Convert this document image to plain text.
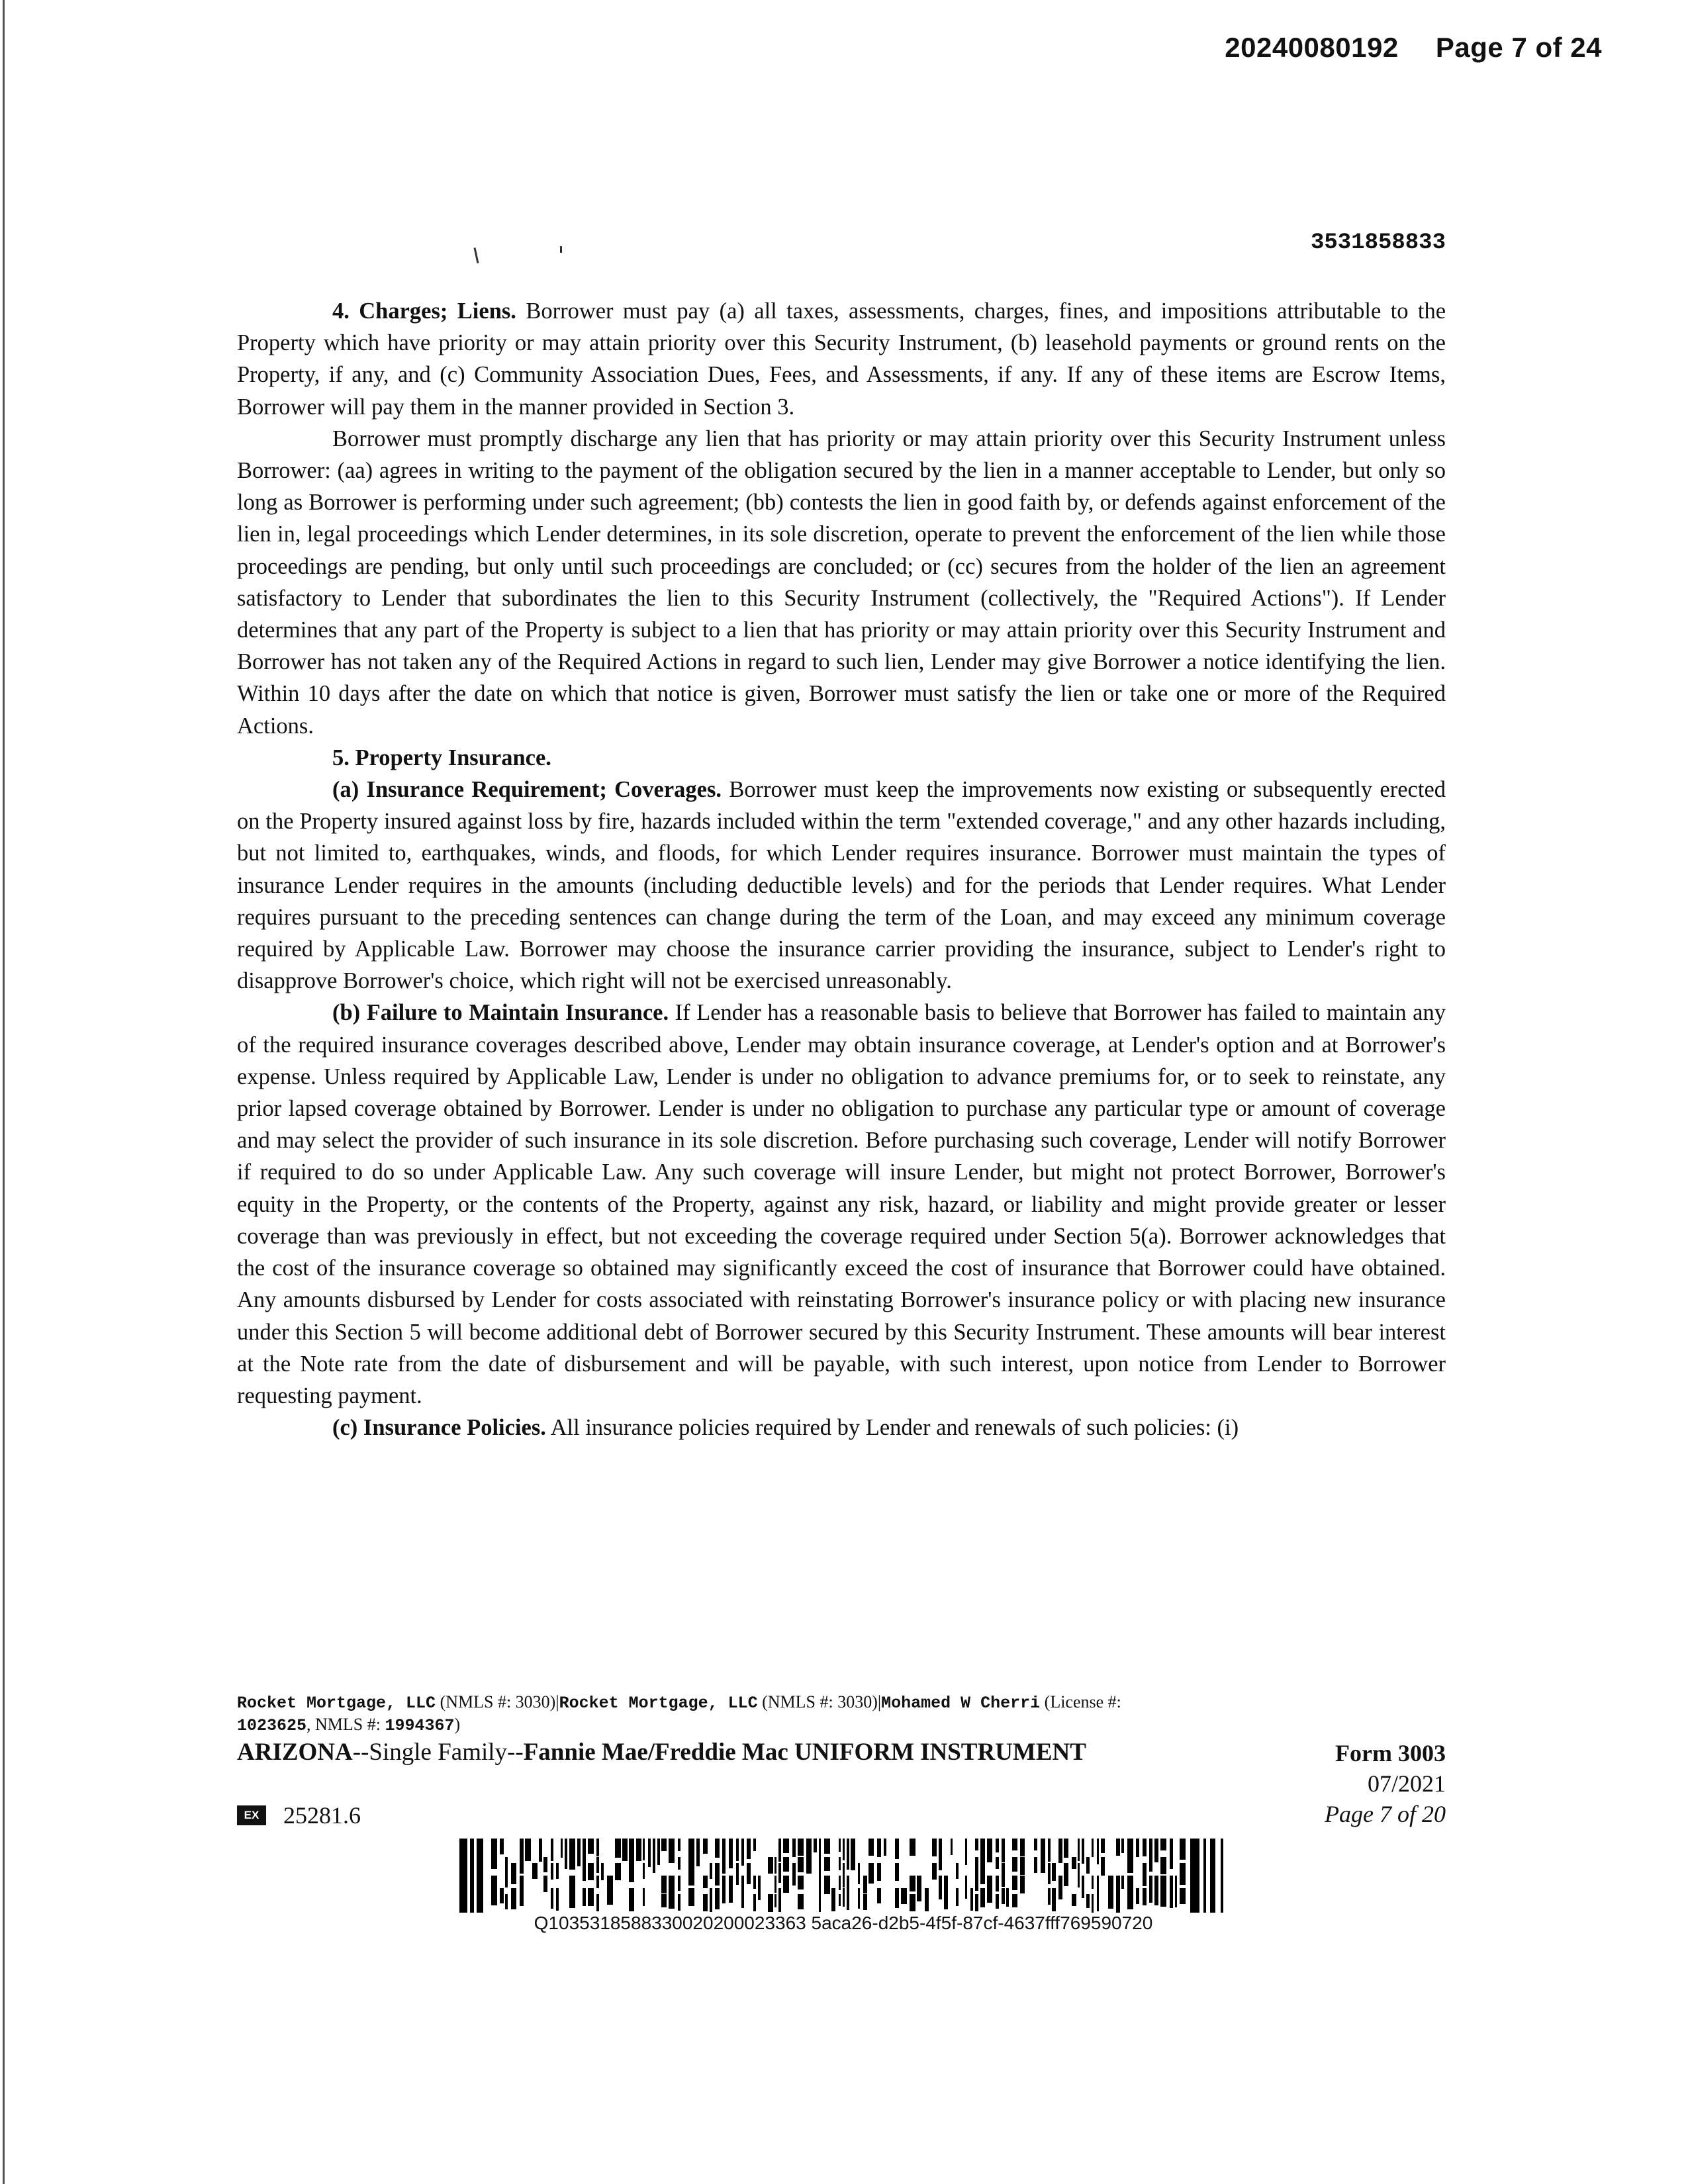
20240080192 Page 7 of 24
3531858833

4. Charges; Liens. Borrower must pay (a) all taxes, assessments, charges, fines, and impositions attributable to the Property which have priority or may attain priority over this Security Instrument, (b) leasehold payments or ground rents on the Property, if any, and (c) Community Association Dues, Fees, and Assessments, if any. If any of these items are Escrow Items, Borrower will pay them in the manner provided in Section 3.

Borrower must promptly discharge any lien that has priority or may attain priority over this Security Instrument unless Borrower: (aa) agrees in writing to the payment of the obligation secured by the lien in a manner acceptable to Lender, but only so long as Borrower is performing under such agreement; (bb) contests the lien in good faith by, or defends against enforcement of the lien in, legal proceedings which Lender determines, in its sole discretion, operate to prevent the enforcement of the lien while those proceedings are pending, but only until such proceedings are concluded; or (cc) secures from the holder of the lien an agreement satisfactory to Lender that subordinates the lien to this Security Instrument (collectively, the "Required Actions"). If Lender determines that any part of the Property is subject to a lien that has priority or may attain priority over this Security Instrument and Borrower has not taken any of the Required Actions in regard to such lien, Lender may give Borrower a notice identifying the lien. Within 10 days after the date on which that notice is given, Borrower must satisfy the lien or take one or more of the Required Actions.

5. Property Insurance.

(a) Insurance Requirement; Coverages. Borrower must keep the improvements now existing or subsequently erected on the Property insured against loss by fire, hazards included within the term "extended coverage," and any other hazards including, but not limited to, earthquakes, winds, and floods, for which Lender requires insurance. Borrower must maintain the types of insurance Lender requires in the amounts (including deductible levels) and for the periods that Lender requires. What Lender requires pursuant to the preceding sentences can change during the term of the Loan, and may exceed any minimum coverage required by Applicable Law. Borrower may choose the insurance carrier providing the insurance, subject to Lender's right to disapprove Borrower's choice, which right will not be exercised unreasonably.

(b) Failure to Maintain Insurance. If Lender has a reasonable basis to believe that Borrower has failed to maintain any of the required insurance coverages described above, Lender may obtain insurance coverage, at Lender's option and at Borrower's expense. Unless required by Applicable Law, Lender is under no obligation to advance premiums for, or to seek to reinstate, any prior lapsed coverage obtained by Borrower. Lender is under no obligation to purchase any particular type or amount of coverage and may select the provider of such insurance in its sole discretion. Before purchasing such coverage, Lender will notify Borrower if required to do so under Applicable Law. Any such coverage will insure Lender, but might not protect Borrower, Borrower's equity in the Property, or the contents of the Property, against any risk, hazard, or liability and might provide greater or lesser coverage than was previously in effect, but not exceeding the coverage required under Section 5(a). Borrower acknowledges that the cost of the insurance coverage so obtained may significantly exceed the cost of insurance that Borrower could have obtained. Any amounts disbursed by Lender for costs associated with reinstating Borrower's insurance policy or with placing new insurance under this Section 5 will become additional debt of Borrower secured by this Security Instrument. These amounts will bear interest at the Note rate from the date of disbursement and will be payable, with such interest, upon notice from Lender to Borrower requesting payment.

(c) Insurance Policies. All insurance policies required by Lender and renewals of such policies: (i)

Rocket Mortgage, LLC (NMLS #: 3030)|Rocket Mortgage, LLC (NMLS #: 3030)|Mohamed W Cherri (License #:
1023625, NMLS #: 1994367)
ARIZONA--Single Family--Fannie Mae/Freddie Mac UNIFORM INSTRUMENT	Form 3003
07/2021
Page 7 of 20
EX 25281.6
Q1035318588330020200023363 5aca26-d2b5-4f5f-87cf-4637fff769590720
